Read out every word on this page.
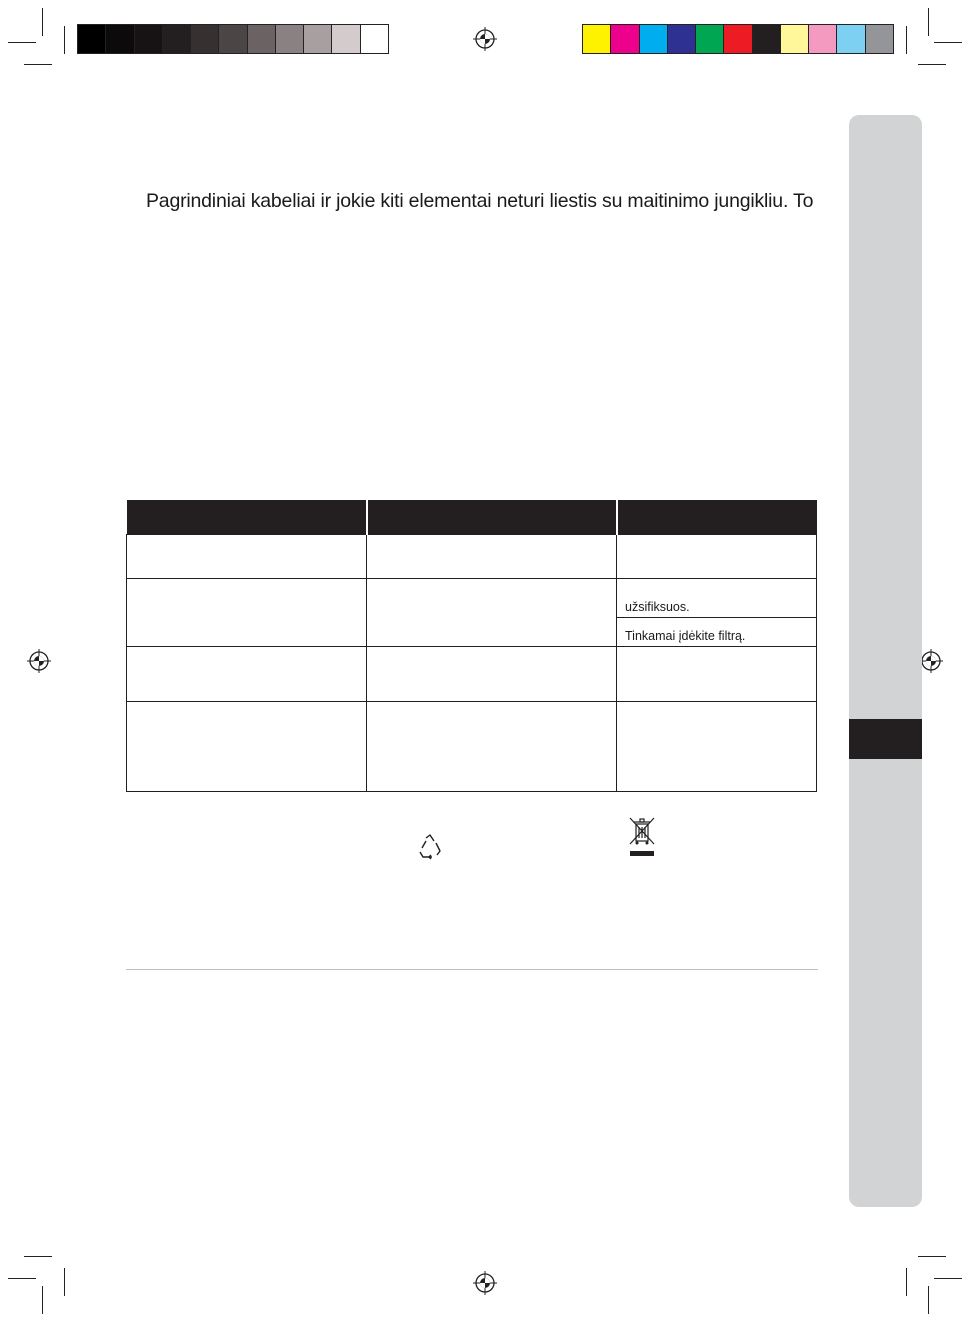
Pagrindiniai kabeliai ir jokie kiti elementai neturi liestis su maitinimo jungikliu. To

užsifiksuos.
Tinkamai įdėkite filtrą.
